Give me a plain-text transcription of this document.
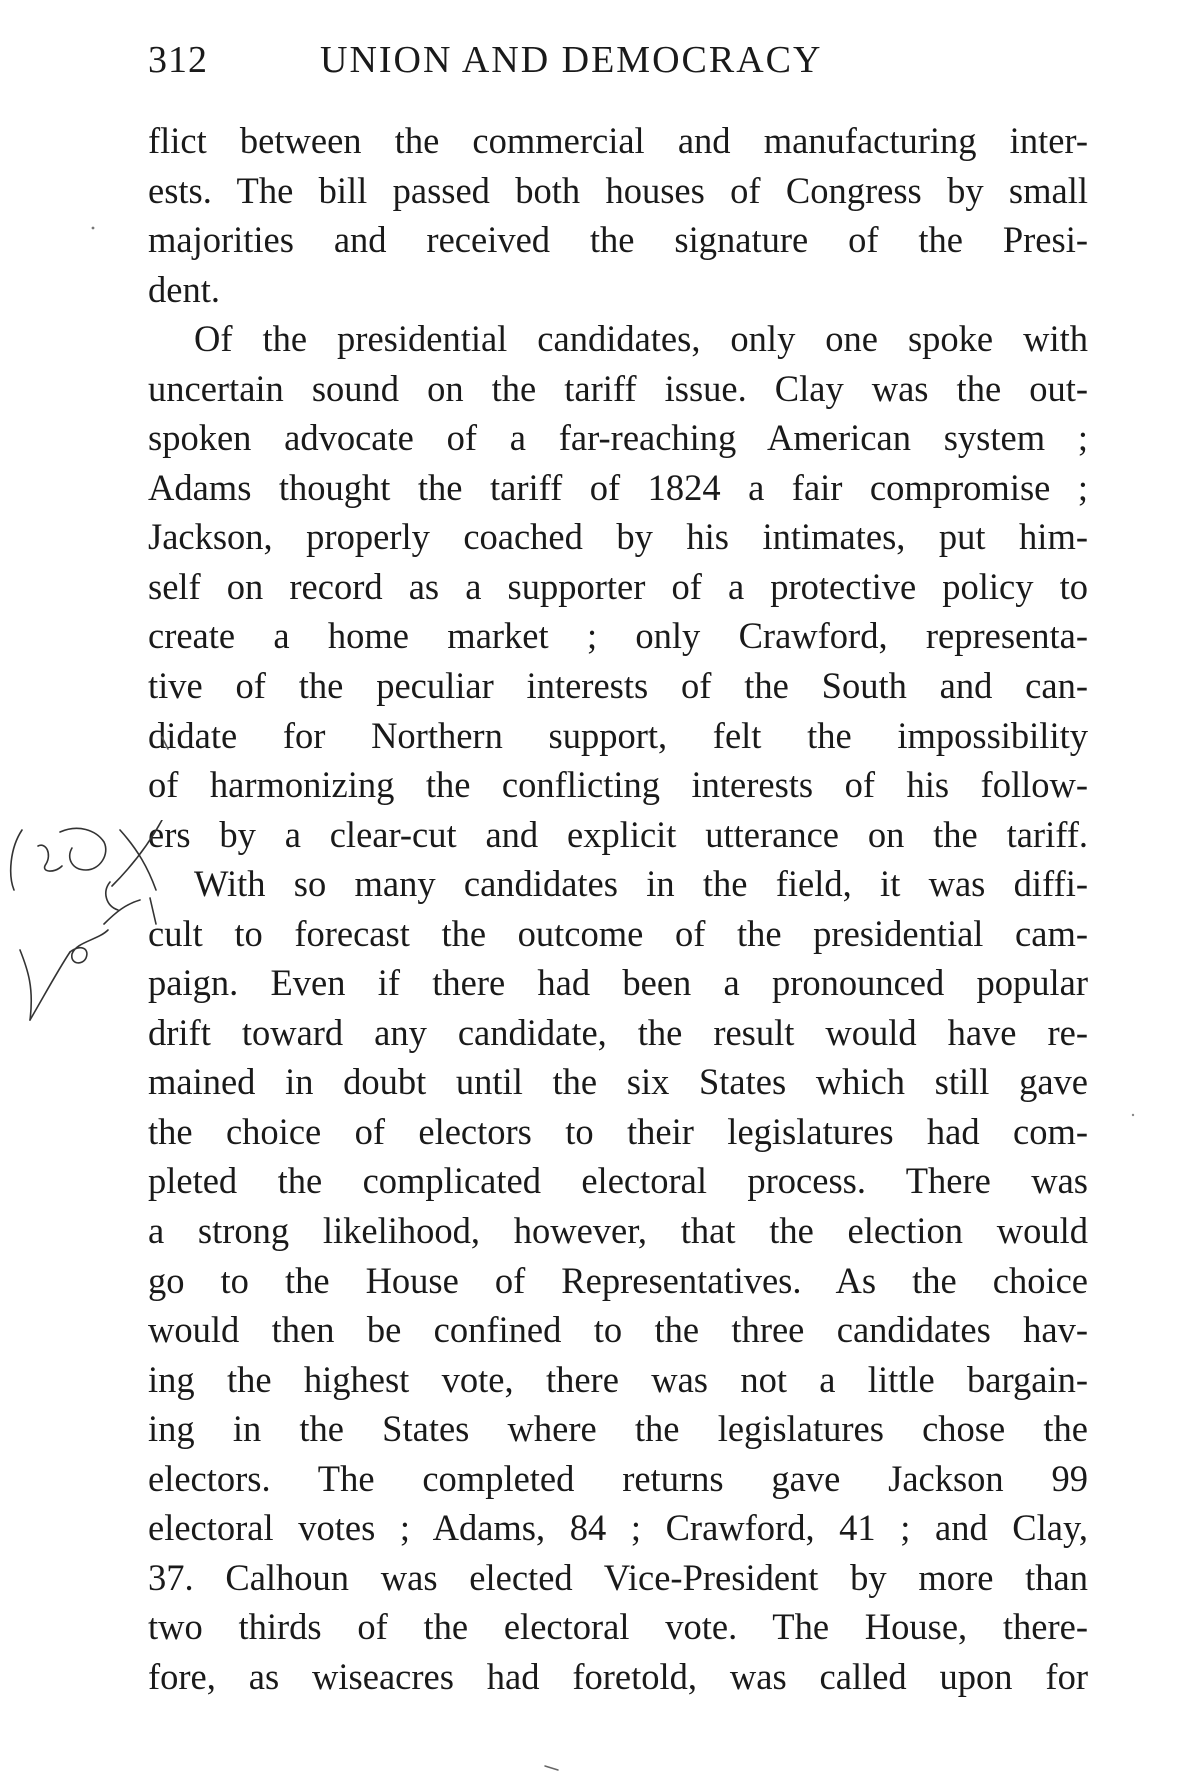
312	UNION AND DEMOCRACY
flict between the commercial and manufacturing inter-
ests. The bill passed both houses of Congress by small
majorities and received the signature of the Presi-
dent.
Of the presidential candidates, only one spoke with
uncertain sound on the tariff issue. Clay was the out-
spoken advocate of a far-reaching American system ;
Adams thought the tariff of 1824 a fair compromise ;
Jackson, properly coached by his intimates, put him-
self on record as a supporter of a protective policy to
create a home market ; only Crawford, representa-
tive of the peculiar interests of the South and can-
didate for Northern support, felt the impossibility
of harmonizing the conflicting interests of his follow-
ers by a clear-cut and explicit utterance on the tariff.
With so many candidates in the field, it was diffi-
cult to forecast the outcome of the presidential cam-
paign. Even if there had been a pronounced popular
drift toward any candidate, the result would have re-
mained in doubt until the six States which still gave
the choice of electors to their legislatures had com-
pleted the complicated electoral process. There was
a strong likelihood, however, that the election would
go to the House of Representatives. As the choice
would then be confined to the three candidates hav-
ing the highest vote, there was not a little bargain-
ing in the States where the legislatures chose the
electors. The completed returns gave Jackson 99
electoral votes ; Adams, 84 ; Crawford, 41 ; and Clay,
37. Calhoun was elected Vice-President by more than
two thirds of the electoral vote. The House, there-
fore, as wiseacres had foretold, was called upon for
